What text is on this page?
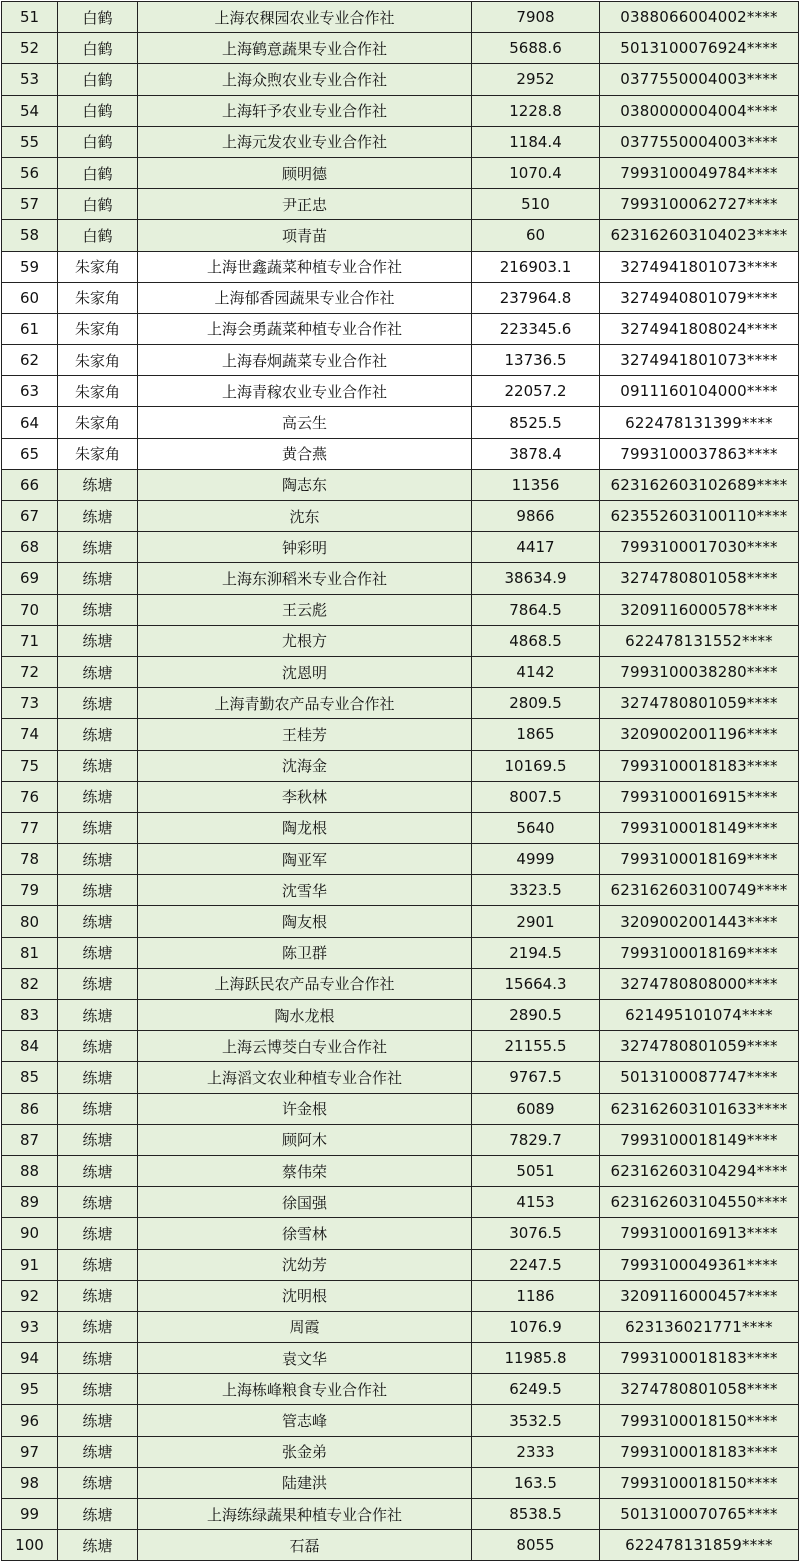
51	白鹤	上海农稞园农业专业合作社	7908	0388066004002****
52	白鹤	上海鹤意蔬果专业合作社	5688.6	5013100076924****
53	白鹤	上海众煦农业专业合作社	2952	0377550004003****
54	白鹤	上海轩予农业专业合作社	1228.8	0380000004004****
55	白鹤	上海元发农业专业合作社	1184.4	0377550004003****
56	白鹤	顾明德	1070.4	7993100049784****
57	白鹤	尹正忠	510	7993100062727****
58	白鹤	项青苗	60	623162603104023****
59	朱家角	上海世鑫蔬菜种植专业合作社	216903.1	3274941801073****
60	朱家角	上海郁香园蔬果专业合作社	237964.8	3274940801079****
61	朱家角	上海会勇蔬菜种植专业合作社	223345.6	3274941808024****
62	朱家角	上海春炯蔬菜专业合作社	13736.5	3274941801073****
63	朱家角	上海青稼农业专业合作社	22057.2	0911160104000****
64	朱家角	高云生	8525.5	622478131399****
65	朱家角	黄合燕	3878.4	7993100037863****
66	练塘	陶志东	11356	623162603102689****
67	练塘	沈东	9866	623552603100110****
68	练塘	钟彩明	4417	7993100017030****
69	练塘	上海东泖稻米专业合作社	38634.9	3274780801058****
70	练塘	王云彪	7864.5	3209116000578****
71	练塘	尤根方	4868.5	622478131552****
72	练塘	沈恩明	4142	7993100038280****
73	练塘	上海青勤农产品专业合作社	2809.5	3274780801059****
74	练塘	王桂芳	1865	3209002001196****
75	练塘	沈海金	10169.5	7993100018183****
76	练塘	李秋林	8007.5	7993100016915****
77	练塘	陶龙根	5640	7993100018149****
78	练塘	陶亚军	4999	7993100018169****
79	练塘	沈雪华	3323.5	623162603100749****
80	练塘	陶友根	2901	3209002001443****
81	练塘	陈卫群	2194.5	7993100018169****
82	练塘	上海跃民农产品专业合作社	15664.3	3274780808000****
83	练塘	陶水龙根	2890.5	621495101074****
84	练塘	上海云博茭白专业合作社	21155.5	3274780801059****
85	练塘	上海滔文农业种植专业合作社	9767.5	5013100087747****
86	练塘	许金根	6089	623162603101633****
87	练塘	顾阿木	7829.7	7993100018149****
88	练塘	蔡伟荣	5051	623162603104294****
89	练塘	徐国强	4153	623162603104550****
90	练塘	徐雪林	3076.5	7993100016913****
91	练塘	沈幼芳	2247.5	7993100049361****
92	练塘	沈明根	1186	3209116000457****
93	练塘	周霞	1076.9	623136021771****
94	练塘	袁文华	11985.8	7993100018183****
95	练塘	上海栋峰粮食专业合作社	6249.5	3274780801058****
96	练塘	管志峰	3532.5	7993100018150****
97	练塘	张金弟	2333	7993100018183****
98	练塘	陆建洪	163.5	7993100018150****
99	练塘	上海练绿蔬果种植专业合作社	8538.5	5013100070765****
100	练塘	石磊	8055	622478131859****
